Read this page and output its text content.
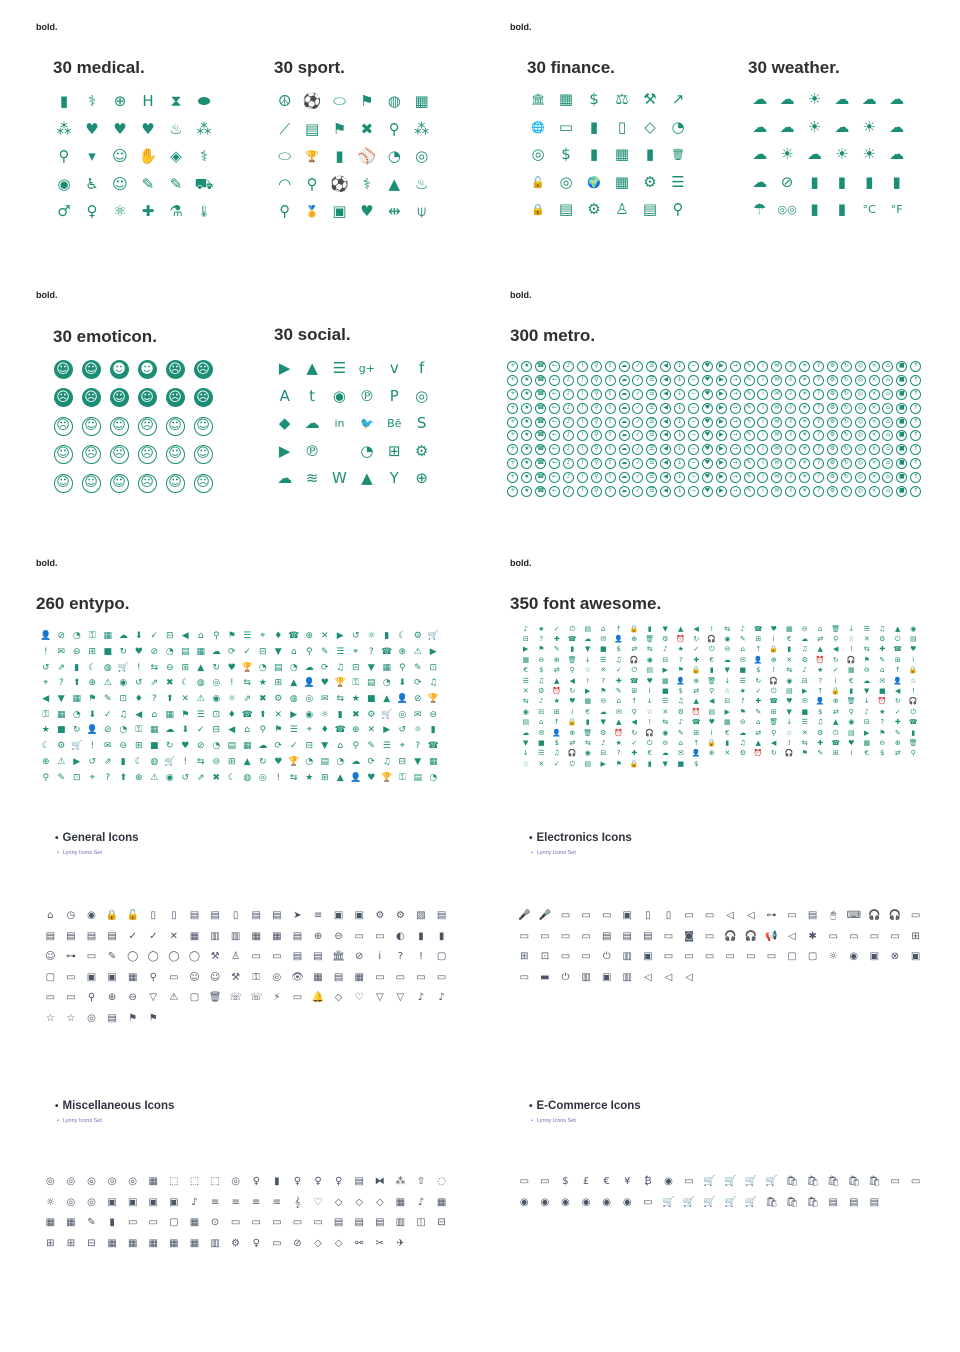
bold.
30 medical.
▮	⚕	⊕	H	⧗	⬬
⁂ ♥ ♥ ♥ ♨ ⁂
⚲	▾	☺ ✋ ◈	⚕
◉ ♿ ☺ ✎	✎ ⛟
♂	♀	⚛ ✚ ⚗	🌡
30 sport.
☮ ⚽ ⬭ ⚑ ◍ ▦
⟋	▤ ⚑ ✖	⚲ ⁂
⬭	🏆	▮ ⚾ ◔ ◎
◠	⚲ ⚽ ⚕	▲ ♨
⚲	🏅 ▣ ♥ ⇹	⍦
bold.
30 finance.
🏛 ▦	$	⚖ ⚒ ↗
🌐 ▭	▮	▯	◇	◔
◎	$	▮	▦	▮	🗑
🔓 ◎	🌍 ▦ ⚙ ☰
🔒 ▤ ⚙ ♙ ▤	⚲
30 weather.
☁ ☁ ☀ ☁ ☁ ☁
☁ ☁ ☀ ☁ ☀ ☁
☁ ☀ ☁ ☀ ☀ ☁
☁ ⊘	▮	▮	▮	▮
☂	◎◎ ▮	▮	°C	°F
bold.
30 emoticon.
☺ ☺ ☻ ☻ ☹ ☹
☹ ☹ ☺ ☺ ☹ ☹
☹ ☺ ☺ ☹ ☺ ☺
☺ ☹ ☹ ☹ ☺ ☺
☺ ☺ ☺ ☹ ☺ ☹
30 social.
▶	▲ ☰	g+ v	f
A	t	◉ ℗	P	◎
◆ ☁	in	🐦	Bē	S
▶ ℗	◔ ⊞ ⚙
☁ ≋ W ▲	Y	⊕
bold.
300 metro.
+	★	☎	←	♪	!	⚲	⇧	☁	✓	☰	◀	↓	−	♥	▶	→	✎	i	✉	⇩	☀	?	⚙	↻	◎	×	⌂	■	↑
+	★	☎	←	♪	!	⚲	⇧	☁	✓	☰	◀	↓	−	♥	▶	→	✎	i	✉	⇩	☀	?	⚙	↻	◎	×	⌂	■	↑
+	★	☎	←	♪	!	⚲	⇧	☁	✓	☰	◀	↓	−	♥	▶	→	✎	i	✉	⇩	☀	?	⚙	↻	◎	×	⌂	■	↑
+	★	☎	←	♪	!	⚲	⇧	☁	✓	☰	◀	↓	−	♥	▶	→	✎	i	✉	⇩	☀	?	⚙	↻	◎	×	⌂	■	↑
+	★	☎	←	♪	!	⚲	⇧	☁	✓	☰	◀	↓	−	♥	▶	→	✎	i	✉	⇩	☀	?	⚙	↻	◎	×	⌂	■	↑
+	★	☎	←	♪	!	⚲	⇧	☁	✓	☰	◀	↓	−	♥	▶	→	✎	i	✉	⇩	☀	?	⚙	↻	◎	×	⌂	■	↑
+	★	☎	←	♪	!	⚲	⇧	☁	✓	☰	◀	↓	−	♥	▶	→	✎	i	✉	⇩	☀	?	⚙	↻	◎	×	⌂	■	↑
+	★	☎	←	♪	!	⚲	⇧	☁	✓	☰	◀	↓	−	♥	▶	→	✎	i	✉	⇩	☀	?	⚙	↻	◎	×	⌂	■	↑
+	★	☎	←	♪	!	⚲	⇧	☁	✓	☰	◀	↓	−	♥	▶	→	✎	i	✉	⇩	☀	?	⚙	↻	◎	×	⌂	■	↑
+	★	☎	←	♪	!	⚲	⇧	☁	✓	☰	◀	↓	−	♥	▶	→	✎	i	✉	⇩	☀	?	⚙	↻	◎	×	⌂	■	↑
bold.
260 entypo.
👤 ⊘ ◔ ⚿ ▦ ☁ ⬇ ✓ ⊟ ◀	⌂	⚲ ⚑ ☰ ⌖ ♦ ☎ ⊕ ✕ ▶ ↺ ☼ ▮ ☾ ⚙ 🛒
!	✉ ⊖ ⊞ ■ ↻ ♥ ⊘ ◔ ▤ ▦ ☁ ⟳ ✓ ⊟ ▼	⌂	⚲ ✎ ☰ ⌖	? ☎ ⊕ ⚠ ▶
↺ ⇗	▮ ☾ ◍ 🛒 !	⇆ ⊖ ⊞ ▲ ↻ ♥ 🏆 ◔ ▤ ◔ ☁ ⟳ ♫ ⊟ ▼ ▦ ⚲ ✎ ⊡
⌖	?	⬆ ⊕ ⚠ ◉ ↺ ⇗ ✖ ☾ ◍ ◎	!	⇆ ★ ⊞ ▲ 👤 ♥ 🏆 ⚿ ▤ ◔ ⬇ ⟳ ♫
◀ ▼ ▦ ⚑ ✎ ⊡ ♦	?	⬆ ✕ ⚠ ◉ ☼ ⇗ ✖ ⚙ ◍ ◎ ✉ ⇆ ★ ■ ▲ 👤 ⊘ 🏆
⚿ ▦ ◔ ⬇ ✓ ♫ ◀	⌂ ▦ ⚑ ☰ ⊡ ♦ ☎ ⬆ ✕ ▶ ◉ ☼ ▮	✖ ⚙ 🛒 ◎ ✉ ⊖
★ ■ ↻ 👤 ⊘ ◔ ⚿ ▦ ☁ ⬇ ✓ ⊟ ◀	⌂	⚲ ⚑ ☰ ⌖ ♦ ☎ ⊕ ✕ ▶ ↺ ☼ ▮
☾ ⚙ 🛒 !	✉ ⊖ ⊞ ■ ↻ ♥ ⊘ ◔ ▤ ▦ ☁ ⟳ ✓ ⊟ ▼	⌂	⚲ ✎ ☰ ⌖	? ☎
⊕ ⚠ ▶ ↺ ⇗	▮ ☾ ◍ 🛒 !	⇆ ⊖ ⊞ ▲ ↻ ♥ 🏆 ◔ ▤ ◔ ☁ ⟳ ♫ ⊟ ▼ ▦
⚲ ✎ ⊡	⌖	?	⬆ ⊕ ⚠ ◉ ↺ ⇗ ✖ ☾ ◍ ◎	!	⇆ ★ ⊞ ▲ 👤 ♥ 🏆 ⚿ ▤ ◔
bold.
350 font awesome.
♪	★	✓	⏻	▤	⌂	↑	🔒	▮	▼	▲	◀	!	⇆	♪	☎	♥	▦	⊖	⌂	🗑	↓	☰	♫	▲	◉
⊟	?	✚	☎	☁	✉	👤	⊕	🗑	⚙	⏰	↻	🎧	◉	✎	⊞	i	€	☁	⇄	⚲	☆	✕	⚙	⏻	▤
▶	⚑	✎	▮	▼	■	$	⇄	⇆	♪	★	✓	⏻	⊖	⌂	↑	🔒	▮	♫	▲	◀	!	⇆	✚	☎	♥
▦	⊖	⊕	🗑	↓	☰	♫	🎧	◉	⊟	?	✚	€	☁	✉	👤	⊕	✕	⚙	⏰	↻	🎧	⚑	✎	⊞	i
€	$	⇄	⚲	☆	✕	✓	⏻	▤	▶	⚑	🔒	▮	▼	■	$	!	⇆	♪	★	✓	▦	⊖	⌂	↑	🔒
☰	♫	▲	◀	!	?	✚	☎	♥	▦	👤	⊕	🗑	↓	☰	↻	🎧	◉	⊟	?	i	€	☁	✉	👤	☆
✕	⚙	⏰	↻	▶	⚑	✎	⊞	i	■	$	⇄	⚲	☆	★	✓	⏻	▤	▶	↑	🔒	▮	▼	■	◀	!
⇆	♪	★	♥	▦	⊖	⌂	↑	↓	☰	♫	▲	◀	⊟	?	✚	☎	♥	✉	👤	⊕	🗑	↓	⏰	↻	🎧
◉	⊟	⊞	i	€	☁	✉	⚲	☆	✕	⚙	⏰	▤	▶	⚑	✎	⊞	▼	■	$	⇄	⚲	♪	★	✓	⏻
▤	⌂	↑	🔒	▮	▼	▲	◀	!	⇆	♪	☎	♥	▦	⊖	⌂	🗑	↓	☰	♫	▲	◉	⊟	?	✚	☎
☁	✉	👤	⊕	🗑	⚙	⏰	↻	🎧	◉	✎	⊞	i	€	☁	⇄	⚲	☆	✕	⚙	⏻	▤	▶	⚑	✎	▮
▼	■	$	⇄	⇆	♪	★	✓	⏻	⊖	⌂	↑	🔒	▮	♫	▲	◀	!	⇆	✚	☎	♥	▦	⊖	⊕	🗑
↓	☰	♫	🎧	◉	⊟	?	✚	€	☁	✉	👤	⊕	✕	⚙	⏰	↻	🎧	⚑	✎	⊞	i	€	$	⇄	⚲
☆	✕	✓	⏻	▤	▶	⚑	🔒	▮	▼	■	$
• General Icons
• Lynny Icons Set
⌂	◷	◉	🔒 🔓	▯	▯	▤	▤	▯	▤	▤	➤	≡	▣	▣	⚙	⚙	▧	▤
▤	▤	▤	▤	✓	✓	✕	▦	▥	▥	▦	▦	▤	⊕	⊖	▭	▭	◐	▮	▮
☺	⊶	▭	✎	◯ ◯ ◯ ◯	⚒	♙	▭	▭	▤	▤ 🏛	⊘	i	?	!	▢
▢	▭	▣	▣	▦	⚲	▭	☺	☺	⚒	⚿	◎ 👁 ▦	▤	▦	▭	▭	▭	▭
▭	▭	⚲	⊕	⊖	▽	⚠	▢ 🗑 ☏ ☏	⚡	▭ 🔔	◇	♡	▽	▽	♪	♪
☆	☆	◎	▤	⚑	⚑
• Electronics Icons
• Lynny Icons Set
🎤 🎤 ▭	▭	▭	▣	▯	▯	▭	▭	◁	◁	⊶	▭	▤	🖱	⌨ 🎧 🎧 ▭
▭	▭	▭	▭	▤	▤	▤	▭	◙	▭ 🎧 🎧 📢	◁	✱	▭	▭	▭	▭	⊞
⊞	⊡	▭	▭	⏻	▥	▣	▭	▭	▭	▭	▭	▭	▢	▢	☼	◉	▣	⊗	▣
▭	▬	⏻	▥	▣	▥	◁	◁	◁
• Miscellaneous Icons
• Lynny Icons Set
◎	◎	◎	◎	◎	▦	⬚	⬚	⬚	◎	♀	▮	♀	♀	♀	▤	⧓	⁂	⇧	◌
☼	◎	◎	▣	▣	▣	▣	♪	≡	≡	≡	≡	𝄞	♡	◇	◇	◇	▦	♪	▦
▦	▦	✎	▮	▭	▭	▢	▦	⊙	▭	▭	▭	▭	▭	▤	▤	▤	▥	◫	⊟
⊞	⊞	⊟	▦	▦	▦	▦	▦	▥	⚙	♀	▭	⊘	◇	◇	⚯	✂	✈
• E-Commerce Icons
• Lynny Icons Set
▭	▭	$	£	€	¥	₿	◉	▭ 🛒 🛒 🛒 🛒 🛍 🛍 🛍 🛍 🛍 ▭	▭
◉	◉	◉	◉	◉	◉	▭ 🛒 🛒 🛒 🛒 🛒 🛍 🛍 🛍 ▤	▤	▤
